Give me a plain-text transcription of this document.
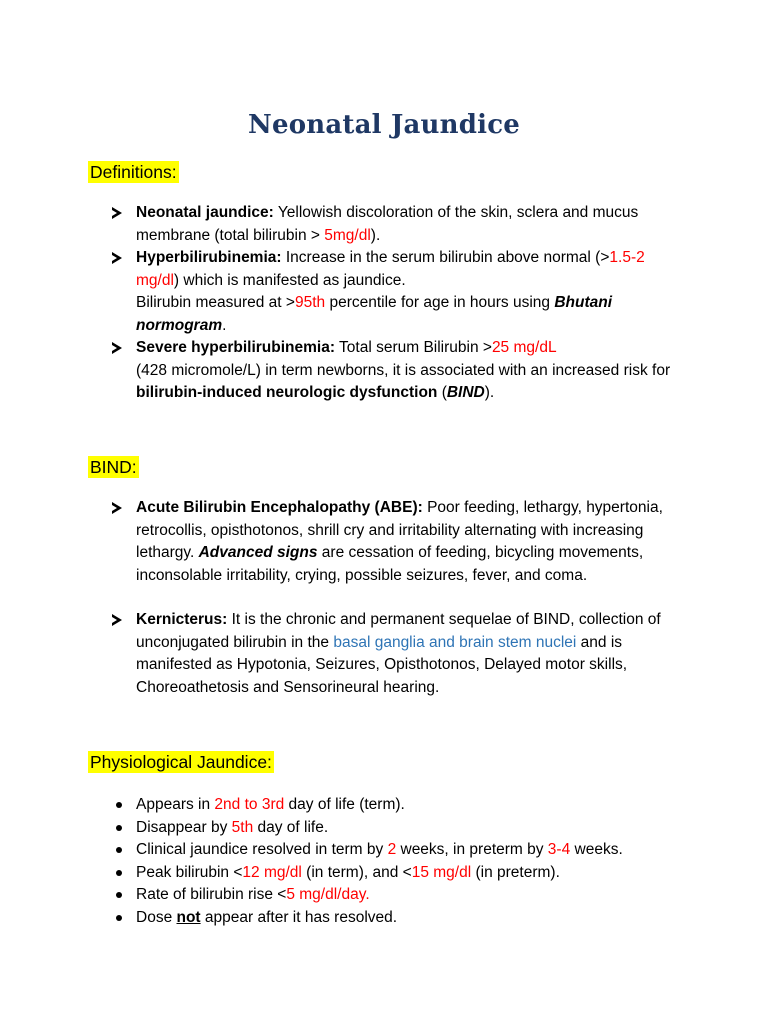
Neonatal Jaundice
Definitions:
Neonatal jaundice: Yellowish discoloration of the skin, sclera and mucus membrane (total bilirubin > 5mg/dl).
Hyperbilirubinemia: Increase in the serum bilirubin above normal (>1.5-2 mg/dl) which is manifested as jaundice.
Bilirubin measured at >95th percentile for age in hours using Bhutani normogram.
Severe hyperbilirubinemia: Total serum Bilirubin >25 mg/dL
(428 micromole/L) in term newborns, it is associated with an increased risk for bilirubin-induced neurologic dysfunction (BIND).
BIND:
Acute Bilirubin Encephalopathy (ABE): Poor feeding, lethargy, hypertonia, retrocollis, opisthotonos, shrill cry and irritability alternating with increasing lethargy. Advanced signs are cessation of feeding, bicycling movements, inconsolable irritability, crying, possible seizures, fever, and coma.
Kernicterus: It is the chronic and permanent sequelae of BIND, collection of unconjugated bilirubin in the basal ganglia and brain stem nuclei and is manifested as Hypotonia, Seizures, Opisthotonos, Delayed motor skills, Choreoathetosis and Sensorineural hearing.
Physiological Jaundice:
Appears in 2nd to 3rd day of life (term).
Disappear by 5th day of life.
Clinical jaundice resolved in term by 2 weeks, in preterm by 3-4 weeks.
Peak bilirubin <12 mg/dl (in term), and <15 mg/dl (in preterm).
Rate of bilirubin rise <5 mg/dl/day.
Dose not appear after it has resolved.
